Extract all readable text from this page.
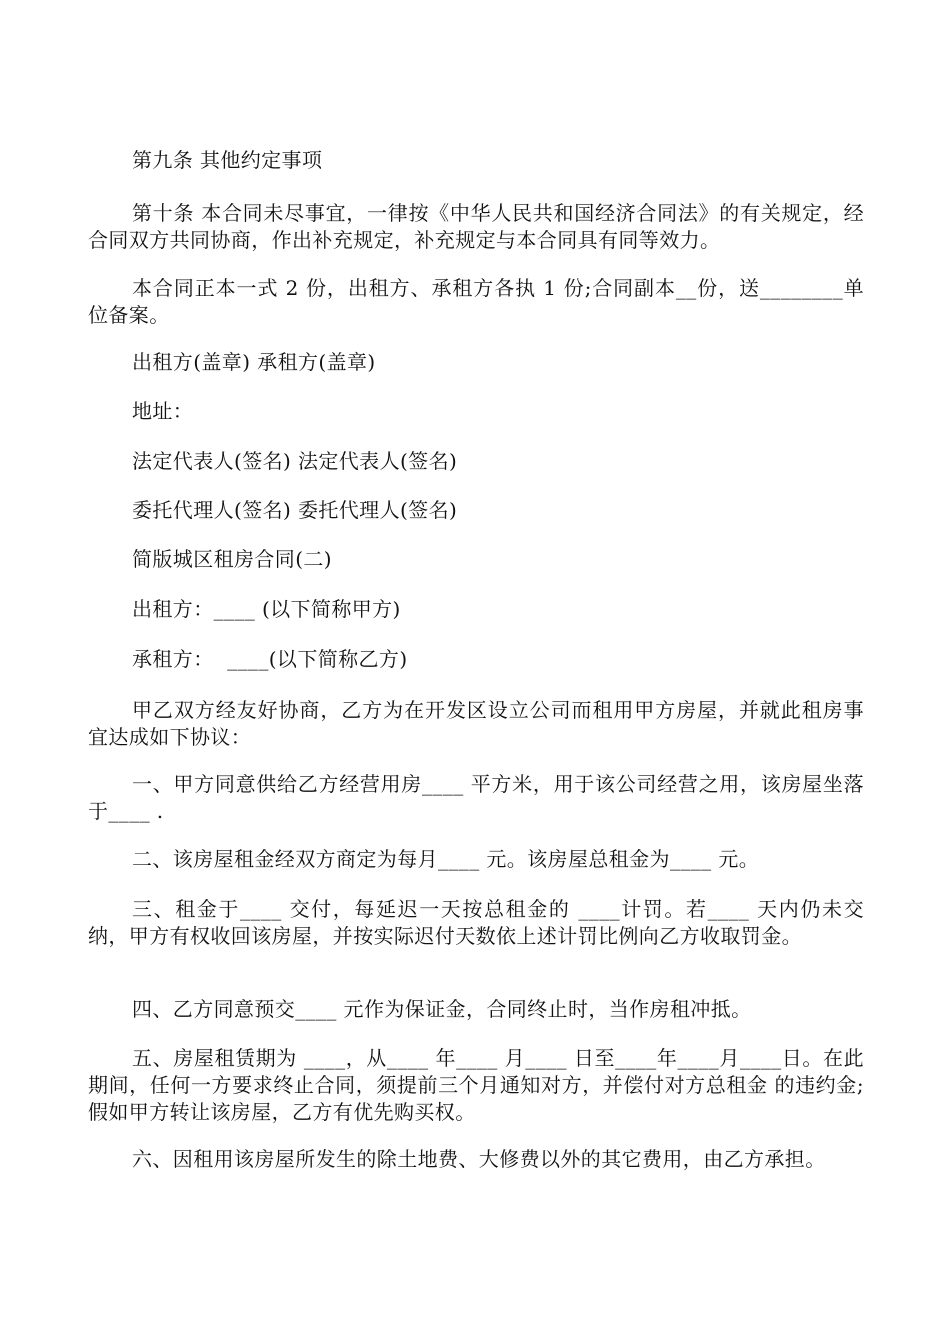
第九条 其他约定事项

第十条 本合同未尽事宜，一律按《中华人民共和国经济合同法》的有关规定，经合同双方共同协商，作出补充规定，补充规定与本合同具有同等效力。

本合同正本一式 2 份，出租方、承租方各执 1 份;合同副本__份，送________单位备案。

出租方(盖章) 承租方(盖章)

地址：

法定代表人(签名) 法定代表人(签名)

委托代理人(签名) 委托代理人(签名)

简版城区租房合同(二)

出租方：____ (以下简称甲方)

承租方：  ____(以下简称乙方)

甲乙双方经友好协商，乙方为在开发区设立公司而租用甲方房屋，并就此租房事宜达成如下协议：

一、甲方同意供给乙方经营用房____ 平方米，用于该公司经营之用，该房屋坐落于____ .

二、该房屋租金经双方商定为每月____ 元。该房屋总租金为____ 元。

三、租金于____ 交付，每延迟一天按总租金的 ____计罚。若____ 天内仍未交纳，甲方有权收回该房屋，并按实际迟付天数依上述计罚比例向乙方收取罚金。

四、乙方同意预交____ 元作为保证金，合同终止时，当作房租冲抵。

五、房屋租赁期为 ____，从____ 年____ 月____ 日至____年____月____日。在此期间，任何一方要求终止合同，须提前三个月通知对方，并偿付对方总租金 的违约金;假如甲方转让该房屋，乙方有优先购买权。

六、因租用该房屋所发生的除土地费、大修费以外的其它费用，由乙方承担。
